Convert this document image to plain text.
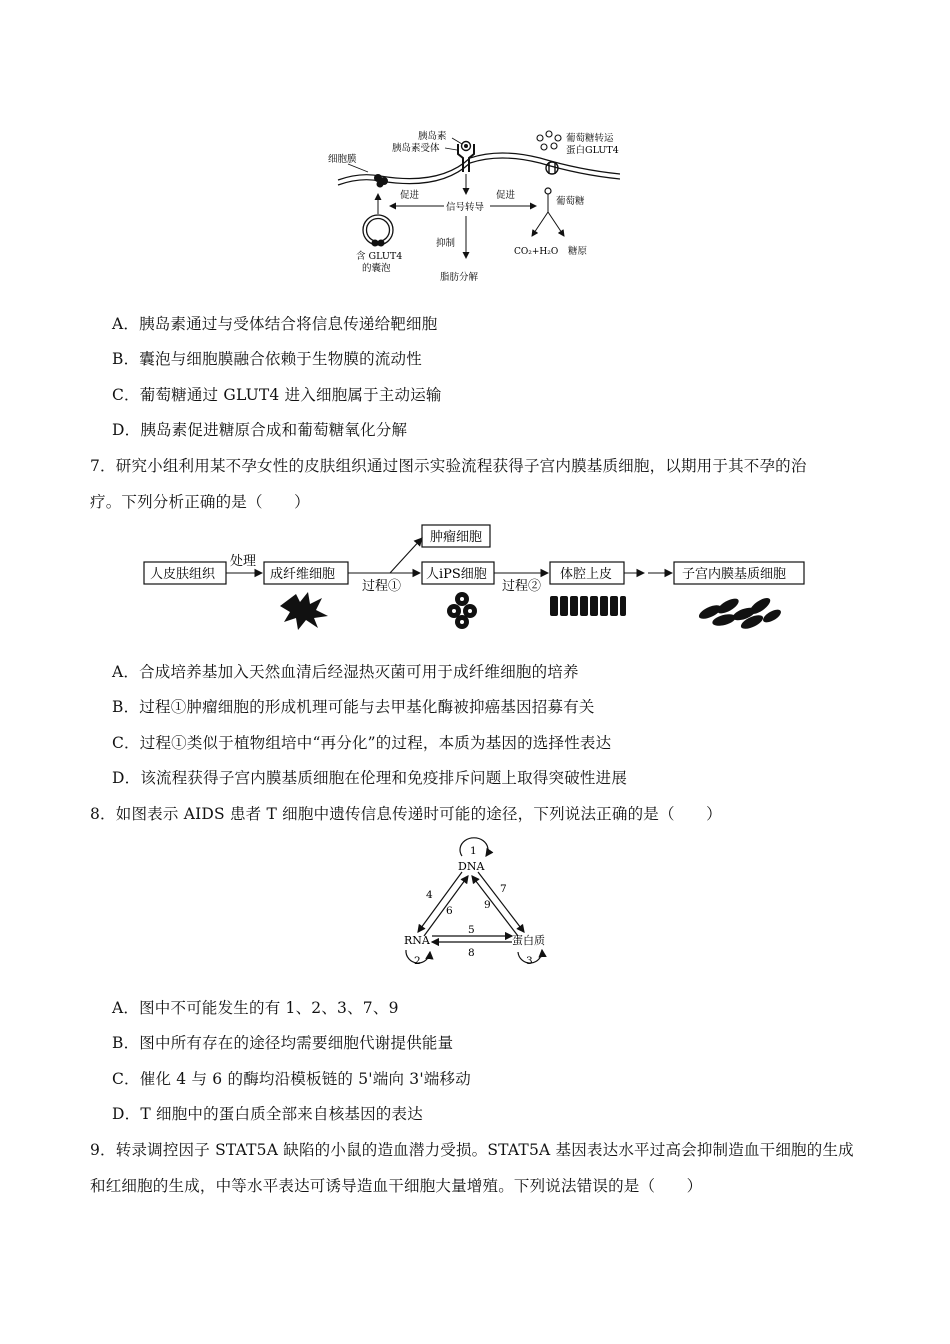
胰岛素
胰岛素受体
细胞膜
葡萄糖转运
蛋白GLUT4
促进	促进
信号转导
葡萄糖
含 GLUT4
的囊泡
抑制
脂肪分解
CO₂+H₂O 糖原
A．胰岛素通过与受体结合将信息传递给靶细胞
B．囊泡与细胞膜融合依赖于生物膜的流动性
C．葡萄糖通过 GLUT4 进入细胞属于主动运输
D．胰岛素促进糖原合成和葡萄糖氧化分解
7．研究小组利用某不孕女性的皮肤组织通过图示实验流程获得子宫内膜基质细胞，以期用于其不孕的治
疗。下列分析正确的是（　　）
人皮肤组织
处理
成纤维细胞
肿瘤细胞
过程①
人iPS细胞
过程②
体腔上皮	子宫内膜基质细胞
A．合成培养基加入天然血清后经湿热灭菌可用于成纤维细胞的培养
B．过程①肿瘤细胞的形成机理可能与去甲基化酶被抑癌基因招募有关
C．过程①类似于植物组培中“再分化”的过程，本质为基因的选择性表达
D．该流程获得子宫内膜基质细胞在伦理和免疫排斥问题上取得突破性进展
8．如图表示 AIDS 患者 T 细胞中遗传信息传递时可能的途径，下列说法正确的是（　　）
DNA
RNA	蛋白质
1
2	3
4
6
7
9
5
8
A．图中不可能发生的有 1、2、3、7、9
B．图中所有存在的途径均需要细胞代谢提供能量
C．催化 4 与 6 的酶均沿模板链的 5'端向 3'端移动
D．T 细胞中的蛋白质全部来自核基因的表达
9．转录调控因子 STAT5A 缺陷的小鼠的造血潜力受损。STAT5A 基因表达水平过高会抑制造血干细胞的生成
和红细胞的生成，中等水平表达可诱导造血干细胞大量增殖。下列说法错误的是（　　）
